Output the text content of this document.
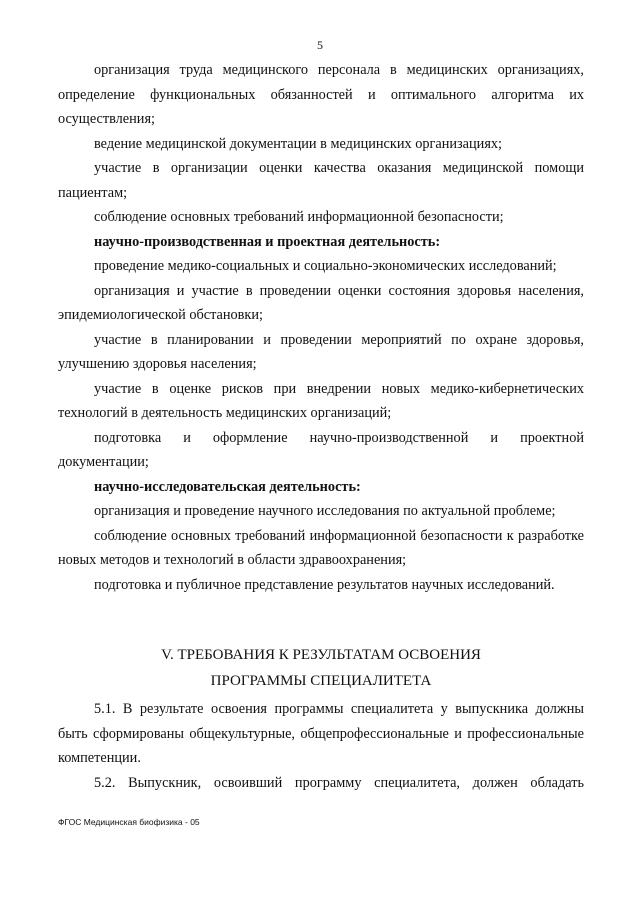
5

организация труда медицинского персонала в медицинских организациях, определение функциональных обязанностей и оптимального алгоритма их осуществления;

ведение медицинской документации в медицинских организациях;

участие в организации оценки качества оказания медицинской помощи пациентам;

соблюдение основных требований информационной безопасности;

научно-производственная и проектная деятельность:

проведение медико-социальных и социально-экономических исследований;

организация и участие в проведении оценки состояния здоровья населения, эпидемиологической обстановки;

участие в планировании и проведении мероприятий по охране здоровья, улучшению здоровья населения;

участие в оценке рисков при внедрении новых медико-кибернетических технологий в деятельность медицинских организаций;

подготовка и оформление научно-производственной и проектной документации;

научно-исследовательская деятельность:

организация и проведение научного исследования по актуальной проблеме;

соблюдение основных требований информационной безопасности к разработке новых методов и технологий в области здравоохранения;

подготовка и публичное представление результатов научных исследований.

V. ТРЕБОВАНИЯ К РЕЗУЛЬТАТАМ ОСВОЕНИЯ
ПРОГРАММЫ СПЕЦИАЛИТЕТА

5.1. В результате освоения программы специалитета у выпускника должны быть сформированы общекультурные, общепрофессиональные и профессиональные компетенции.

5.2. Выпускник, освоивший программу специалитета, должен обладать

ФГОС Медицинская биофизика - 05
